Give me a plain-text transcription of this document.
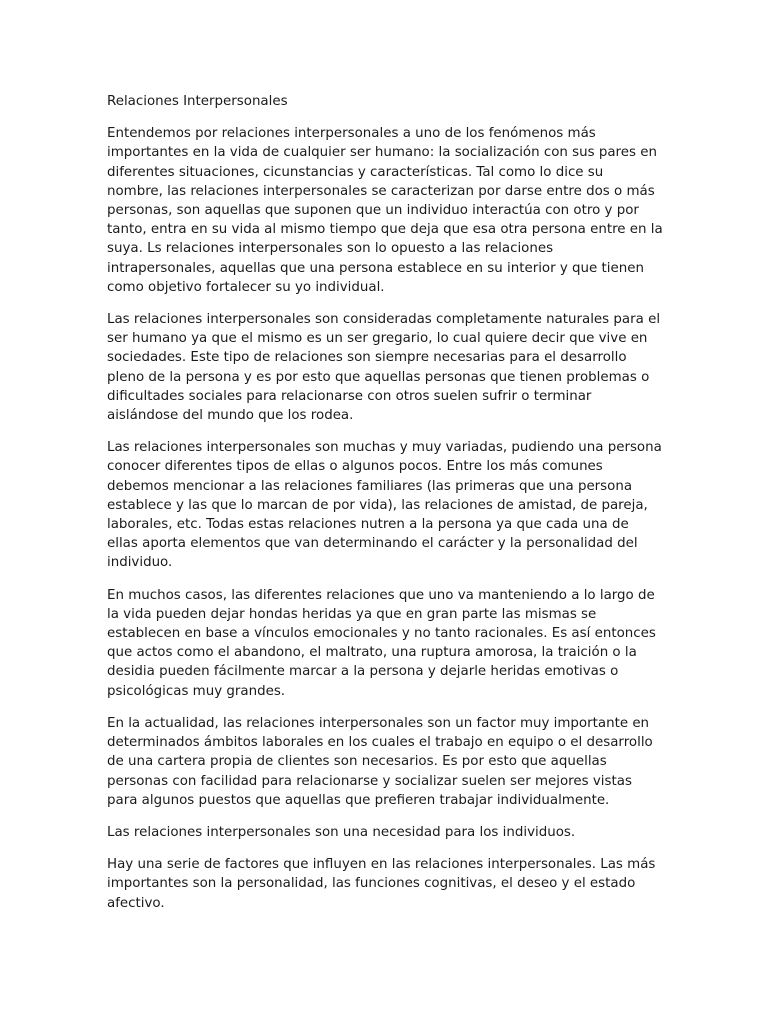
Relaciones Interpersonales

Entendemos por relaciones interpersonales a uno de los fenómenos más importantes en la vida de cualquier ser humano: la socialización con sus pares en diferentes situaciones, cicunstancias y características. Tal como lo dice su nombre, las relaciones interpersonales se caracterizan por darse entre dos o más personas, son aquellas que suponen que un individuo interactúa con otro y por tanto, entra en su vida al mismo tiempo que deja que esa otra persona entre en la suya. Ls relaciones interpersonales son lo opuesto a las relaciones intrapersonales, aquellas que una persona establece en su interior y que tienen como objetivo fortalecer su yo individual.

Las relaciones interpersonales son consideradas completamente naturales para el ser humano ya que el mismo es un ser gregario, lo cual quiere decir que vive en sociedades. Este tipo de relaciones son siempre necesarias para el desarrollo pleno de la persona y es por esto que aquellas personas que tienen problemas o dificultades sociales para relacionarse con otros suelen sufrir o terminar aislándose del mundo que los rodea.

Las relaciones interpersonales son muchas y muy variadas, pudiendo una persona conocer diferentes tipos de ellas o algunos pocos. Entre los más comunes debemos mencionar a las relaciones familiares (las primeras que una persona establece y las que lo marcan de por vida), las relaciones de amistad, de pareja, laborales, etc. Todas estas relaciones nutren a la persona ya que cada una de ellas aporta elementos que van determinando el carácter y la personalidad del individuo.

En muchos casos, las diferentes relaciones que uno va manteniendo a lo largo de la vida pueden dejar hondas heridas ya que en gran parte las mismas se establecen en base a vínculos emocionales y no tanto racionales. Es así entonces que actos como el abandono, el maltrato, una ruptura amorosa, la traición o la desidia pueden fácilmente marcar a la persona y dejarle heridas emotivas o psicológicas muy grandes.

En la actualidad, las relaciones interpersonales son un factor muy importante en determinados ámbitos laborales en los cuales el trabajo en equipo o el desarrollo de una cartera propia de clientes son necesarios. Es por esto que aquellas personas con facilidad para relacionarse y socializar suelen ser mejores vistas para algunos puestos que aquellas que prefieren trabajar individualmente.

Las relaciones interpersonales son una necesidad para los individuos.

Hay una serie de factores que influyen en las relaciones interpersonales. Las más importantes son la personalidad, las funciones cognitivas, el deseo y el estado afectivo.
